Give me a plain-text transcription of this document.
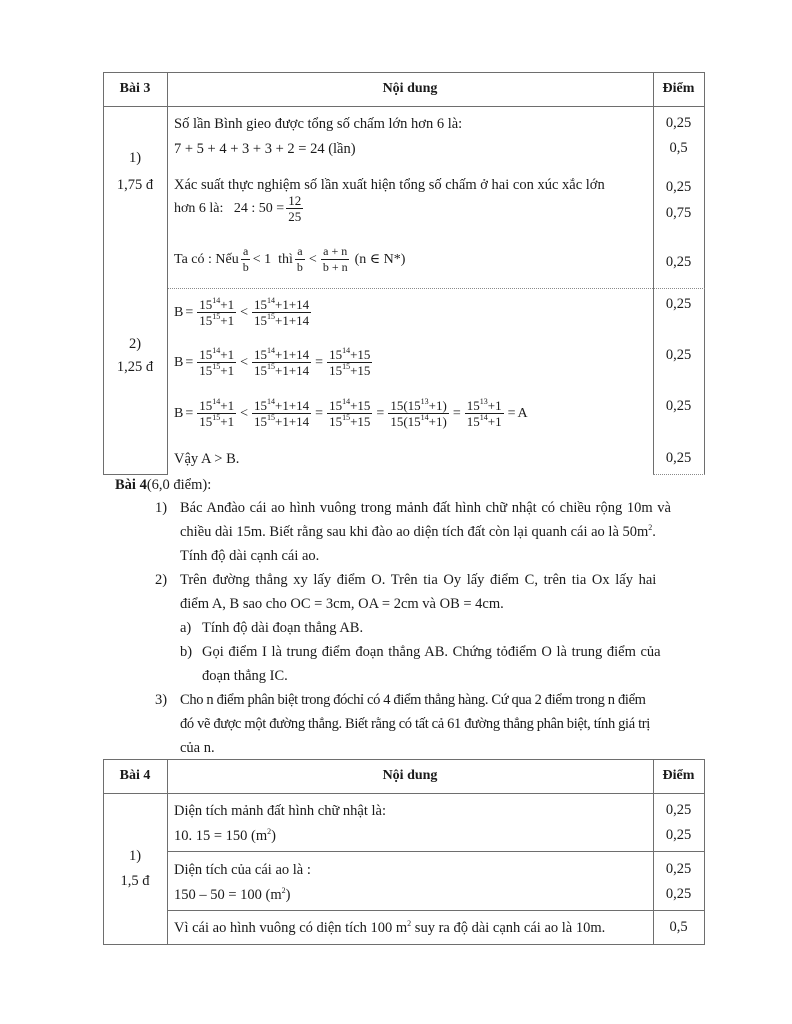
Bài 3	Nội dung	Điểm
1)
1,75 đ
Số lần Bình gieo được tổng số chấm lớn hơn 6 là:	0,25
7 + 5 + 4 + 3 + 3 + 2 = 24 (lần)	0,5
Xác suất thực nghiệm số lần xuất hiện tổng số chấm ở hai con xúc xắc lớn	0,25
hơn 6 là:   24 : $50 = \frac{12}{25}$	0,75
Ta có : Nếu $\frac{a}{b} < 1$  thì $\frac{a}{b} < \frac{a + n}{b + n} (n$ ∈ N*)	0,25
2)
1,25 đ
$B = \frac{15^{14}+1}{15^{15}+1} < \frac{15^{14}+1+14}{15^{15}+1+14}$	0,25
$B = \frac{15^{14}+1}{15^{15}+1} < \frac{15^{14}+1+14}{15^{15}+1+14} = \frac{15^{14}+15}{15^{15}+15}$	0,25
$B = \frac{15^{14}+1}{15^{15}+1} < \frac{15^{14}+1+14}{15^{15}+1+14} = \frac{15^{14}+15}{15^{15}+15} = \frac{15(15^{13}+1)}{15(15^{14}+1)} = \frac{15^{13}+1}{15^{14}+1} = A$	0,25
Vậy A > B.	0,25
Bài 4(6,0 điểm):
1) Bác Anđào cái ao hình vuông trong mảnh đất hình chữ nhật có chiều rộng 10m và
chiều dài 15m. Biết rằng sau khi đào ao diện tích đất còn lại quanh cái ao là $50m^2$.
Tính độ dài cạnh cái ao.
2) Trên đường thẳng xy lấy điểm O. Trên tia Oy lấy điểm C, trên tia Ox lấy hai
điểm A, B sao cho OC = 3cm, OA = 2cm và OB = 4cm.
a) Tính độ dài đoạn thẳng AB.
b) Gọi điểm I là trung điểm đoạn thẳng AB. Chứng tỏđiểm O là trung điểm của
đoạn thẳng IC.
3) Cho n điểm phân biệt trong đóchỉ có 4 điểm thẳng hàng. Cứ qua 2 điểm trong n điểm
đó vẽ được một đường thẳng. Biết rằng có tất cả 61 đường thẳng phân biệt, tính giá trị
của n.
Bài 4	Nội dung	Điểm
1)
1,5 đ
Diện tích mảnh đất hình chữ nhật là:	0,25
10. 15 = 150 $(m^2)$	0,25
Diện tích của cái ao là :	0,25
150 – 50 = 100 $(m^2)$	0,25
Vì cái ao hình vuông có diện tích 100 $m^2$ suy ra độ dài cạnh cái ao là 10m.	0,5
